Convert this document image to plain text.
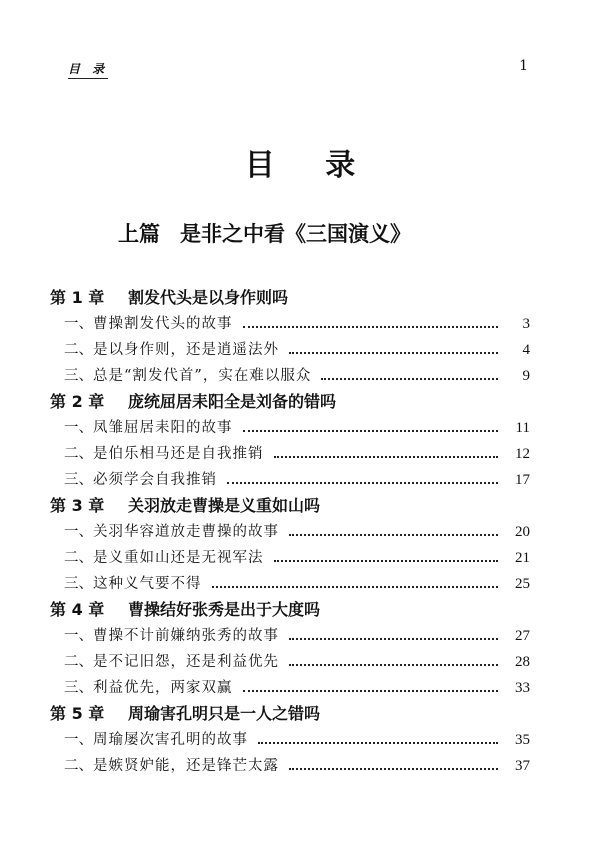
目 录	1
目 录
上篇 是非之中看《三国演义》
第 1 章 割发代头是以身作则吗
一、 曹操割发代头的故事	3
二、 是以身作则，还是逍遥法外	4
三、 总是“割发代首”，实在难以服众	9
第 2 章 庞统屈居耒阳全是刘备的错吗
一、 凤雏屈居耒阳的故事	11
二、 是伯乐相马还是自我推销	12
三、 必须学会自我推销	17
第 3 章 关羽放走曹操是义重如山吗
一、 关羽华容道放走曹操的故事	20
二、 是义重如山还是无视军法	21
三、 这种义气要不得	25
第 4 章 曹操结好张秀是出于大度吗
一、 曹操不计前嫌纳张秀的故事	27
二、 是不记旧怨，还是利益优先	28
三、 利益优先，两家双赢	33
第 5 章 周瑜害孔明只是一人之错吗
一、 周瑜屡次害孔明的故事	35
二、 是嫉贤妒能，还是锋芒太露	37
